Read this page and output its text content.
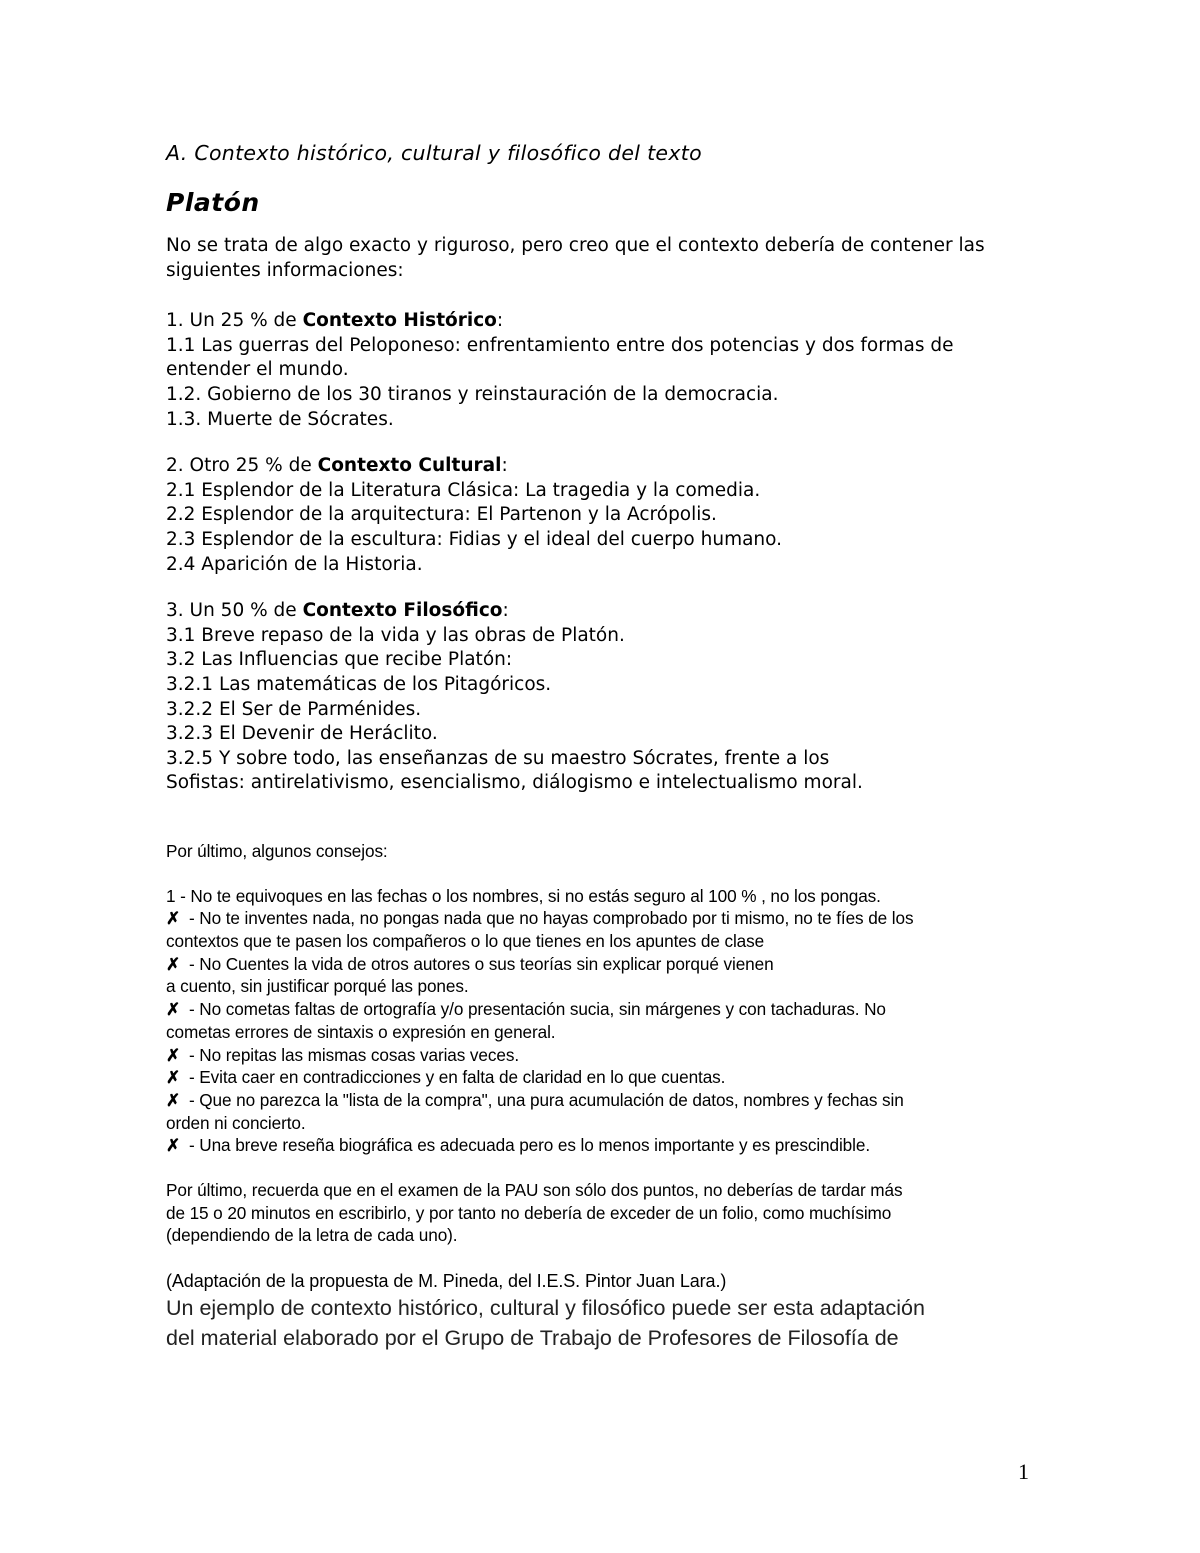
A. Contexto histórico, cultural y filosófico del texto
Platón

No se trata de algo exacto y riguroso, pero creo que el contexto debería de contener las

siguientes informaciones:

1. Un 25 % de Contexto Histórico:

1.1 Las guerras del Peloponeso: enfrentamiento entre dos potencias y dos formas de

entender el mundo.

1.2. Gobierno de los 30 tiranos y reinstauración de la democracia.

1.3. Muerte de Sócrates.

2. Otro 25 % de Contexto Cultural:

2.1 Esplendor de la Literatura Clásica: La tragedia y la comedia.

2.2 Esplendor de la arquitectura: El Partenon y la Acrópolis.

2.3 Esplendor de la escultura: Fidias y el ideal del cuerpo humano.

2.4 Aparición de la Historia.

3. Un 50 % de Contexto Filosófico:

3.1 Breve repaso de la vida y las obras de Platón.

3.2 Las Influencias que recibe Platón:

3.2.1 Las matemáticas de los Pitagóricos.

3.2.2 El Ser de Parménides.

3.2.3 El Devenir de Heráclito.

3.2.5 Y sobre todo, las enseñanzas de su maestro Sócrates, frente a los

Sofistas: antirelativismo, esencialismo, diálogismo e intelectualismo moral.

Por último, algunos consejos:

1 - No te equivoques en las fechas o los nombres, si no estás seguro al 100 % , no los pongas.

✗ - No te inventes nada, no pongas nada que no hayas comprobado por ti mismo, no te fíes de los

contextos que te pasen los compañeros o lo que tienes en los apuntes de clase

✗ - No Cuentes la vida de otros autores o sus teorías sin explicar porqué vienen

a cuento, sin justificar porqué las pones.

✗ - No cometas faltas de ortografía y/o presentación sucia, sin márgenes y con tachaduras. No

cometas errores de sintaxis o expresión en general.

✗ - No repitas las mismas cosas varias veces.

✗ - Evita caer en contradicciones y en falta de claridad en lo que cuentas.

✗ - Que no parezca la "lista de la compra", una pura acumulación de datos, nombres y fechas sin

orden ni concierto.

✗ - Una breve reseña biográfica es adecuada pero es lo menos importante y es prescindible.

Por último, recuerda que en el examen de la PAU son sólo dos puntos, no deberías de tardar más

de 15 o 20 minutos en escribirlo, y por tanto no debería de exceder de un folio, como muchísimo

(dependiendo de la letra de cada uno).

(Adaptación de la propuesta de M. Pineda, del I.E.S. Pintor Juan Lara.)

Un ejemplo de contexto histórico, cultural y filosófico puede ser esta adaptación

del material elaborado por el Grupo de Trabajo de Profesores de Filosofía de

1
